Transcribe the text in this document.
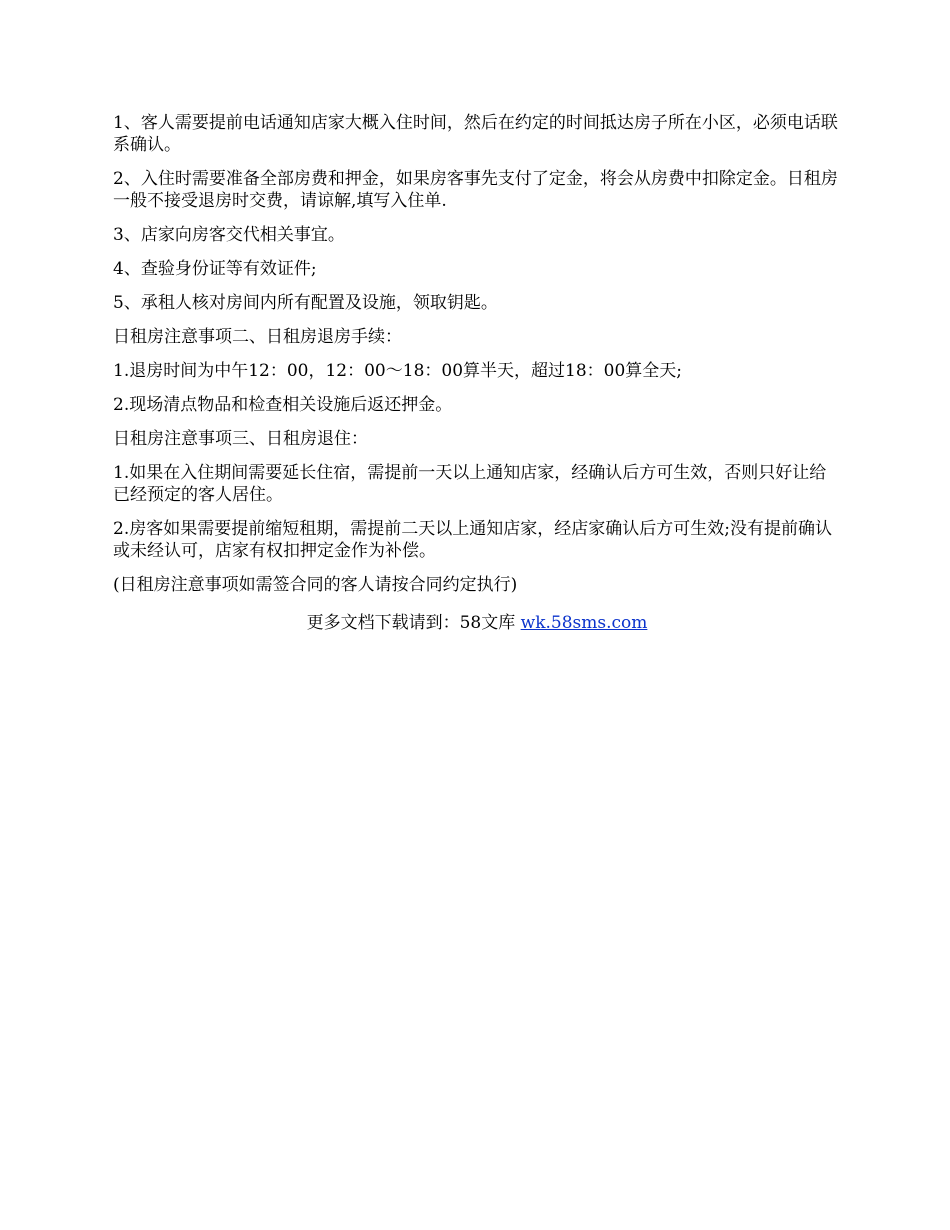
1、客人需要提前电话通知店家大概入住时间，然后在约定的时间抵达房子所在小区，必须电话联系确认。

2、入住时需要准备全部房费和押金，如果房客事先支付了定金，将会从房费中扣除定金。日租房一般不接受退房时交费，请谅解,填写入住单.

3、店家向房客交代相关事宜。

4、查验身份证等有效证件;

5、承租人核对房间内所有配置及设施，领取钥匙。

日租房注意事项二、日租房退房手续：

1.退房时间为中午12：00，12：00～18：00算半天，超过18：00算全天;

2.现场清点物品和检查相关设施后返还押金。

日租房注意事项三、日租房退住：

1.如果在入住期间需要延长住宿，需提前一天以上通知店家，经确认后方可生效，否则只好让给已经预定的客人居住。

2.房客如果需要提前缩短租期，需提前二天以上通知店家，经店家确认后方可生效;没有提前确认或未经认可，店家有权扣押定金作为补偿。

(日租房注意事项如需签合同的客人请按合同约定执行)

更多文档下载请到：58文库 wk.58sms.com
